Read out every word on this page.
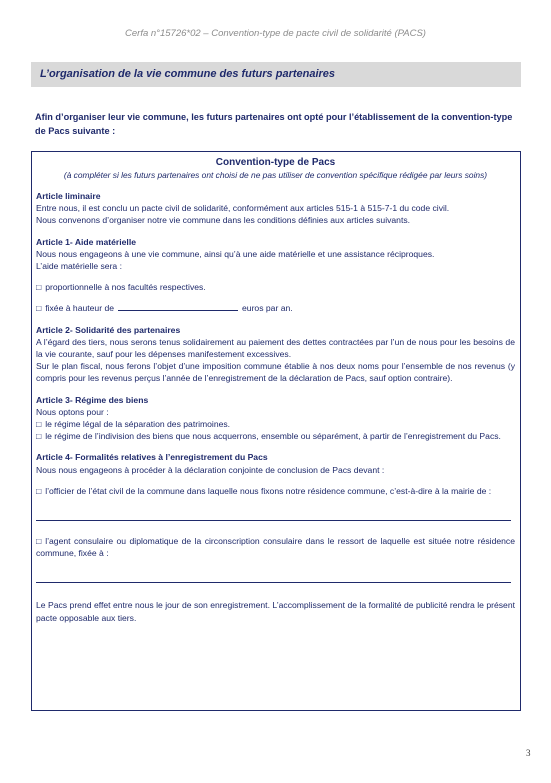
Cerfa n°15726*02 – Convention-type de pacte civil de solidarité (PACS)
L’organisation de la vie commune des futurs partenaires
Afin d’organiser leur vie commune, les futurs partenaires ont opté pour l’établissement de la convention-type de Pacs suivante :
Convention-type de Pacs
(à compléter si les futurs partenaires ont choisi de ne pas utiliser de convention spécifique rédigée par leurs soins)

Article liminaire

Entre nous, il est conclu un pacte civil de solidarité, conformément aux articles 515-1 à 515-7-1 du code civil.

Nous convenons d’organiser notre vie commune dans les conditions définies aux articles suivants.

Article 1- Aide matérielle

Nous nous engageons à une vie commune, ainsi qu’à une aide matérielle et une assistance réciproques.

L’aide matérielle sera :

□ proportionnelle à nos facultés respectives.

□ fixée à hauteur de	euros par an.

Article 2- Solidarité des partenaires

A l’égard des tiers, nous serons tenus solidairement au paiement des dettes contractées par l’un de nous pour les besoins de la vie courante, sauf pour les dépenses manifestement excessives.

Sur le plan fiscal, nous ferons l’objet d’une imposition commune établie à nos deux noms pour l’ensemble de nos revenus (y compris pour les revenus perçus l’année de l’enregistrement de la déclaration de Pacs, sauf option contraire).

Article 3- Régime des biens

Nous optons pour :

□ le régime légal de la séparation des patrimoines.

□ le régime de l’indivision des biens que nous acquerrons, ensemble ou séparément, à partir de l’enregistrement du Pacs.

Article 4- Formalités relatives à l’enregistrement du Pacs

Nous nous engageons à procéder à la déclaration conjointe de conclusion de Pacs devant :

□ l’officier de l’état civil de la commune dans laquelle nous fixons notre résidence commune, c’est-à-dire à la mairie de :

□ l’agent consulaire ou diplomatique de la circonscription consulaire dans le ressort de laquelle est située notre résidence commune, fixée à :

Le Pacs prend effet entre nous le jour de son enregistrement. L’accomplissement de la formalité de publicité rendra le présent pacte opposable aux tiers.

3
